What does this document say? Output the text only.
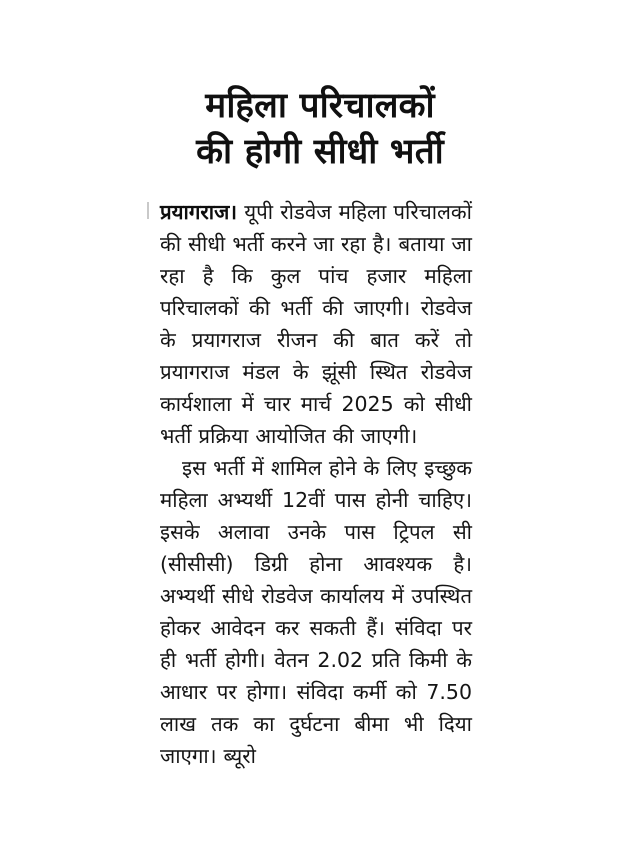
महिला परिचालकों
की होगी सीधी भर्ती

प्रयागराज। यूपी रोडवेज महिला परिचालकों की सीधी भर्ती करने जा रहा है। बताया जा रहा है कि कुल पांच हजार महिला परिचालकों की भर्ती की जाएगी। रोडवेज के प्रयागराज रीजन की बात करें तो प्रयागराज मंडल के झूंसी स्थित रोडवेज कार्यशाला में चार मार्च 2025 को सीधी भर्ती प्रक्रिया आयोजित की जाएगी।

इस भर्ती में शामिल होने के लिए इच्छुक महिला अभ्यर्थी 12वीं पास होनी चाहिए। इसके अलावा उनके पास ट्रिपल सी (सीसीसी) डिग्री होना आवश्यक है। अभ्यर्थी सीधे रोडवेज कार्यालय में उपस्थित होकर आवेदन कर सकती हैं। संविदा पर ही भर्ती होगी। वेतन 2.02 प्रति किमी के आधार पर होगा। संविदा कर्मी को 7.50 लाख तक का दुर्घटना बीमा भी दिया जाएगा। ब्यूरो
